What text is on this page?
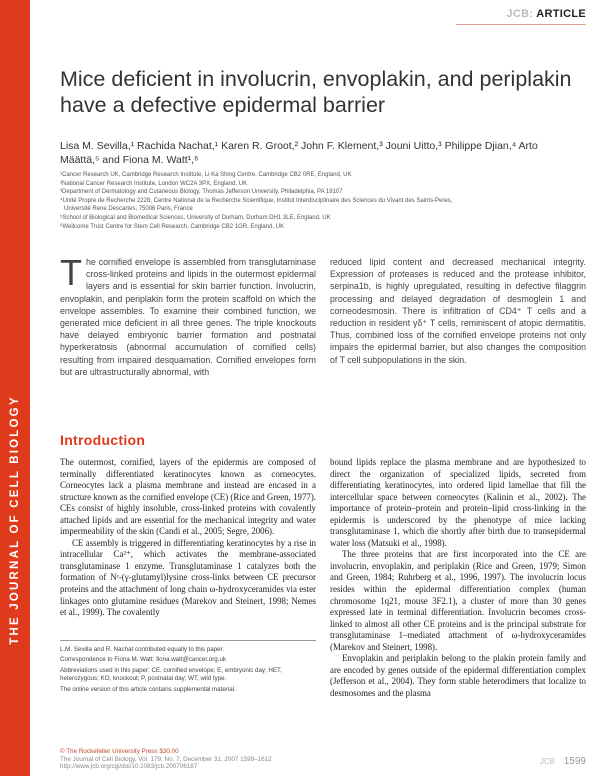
THE JOURNAL OF CELL BIOLOGY
JCB: ARTICLE
Mice deficient in involucrin, envoplakin, and periplakin have a defective epidermal barrier
Lisa M. Sevilla,¹ Rachida Nachat,¹ Karen R. Groot,² John F. Klement,³ Jouni Uitto,³ Philippe Djian,⁴ Arto Määttä,⁵ and Fiona M. Watt¹,⁶
¹Cancer Research UK, Cambridge Research Institute, Li Ka Shing Centre, Cambridge CB2 0RE, England, UK
²National Cancer Research Institute, London WC2A 3PX, England, UK
³Department of Dermatology and Cutaneous Biology, Thomas Jefferson University, Philadelphia, PA 19107
⁴Unité Propre de Recherche 2228, Centre National de la Recherche Scientifique, Institut Interdisciplinaire des Sciences du Vivant des Saints-Peres,
Université Rene Descartes, 75006 Paris, France
⁵School of Biological and Biomedical Sciences, University of Durham, Durham DH1 3LE, England, UK
⁶Wellcome Trust Centre for Stem Cell Research, Cambridge CB2 1GR, England, UK
T he cornified envelope is assembled from transglutaminase cross-linked proteins and lipids in the outermost epidermal layers and is essential for skin barrier function. Involucrin, envoplakin, and periplakin form the protein scaffold on which the envelope assembles. To examine their combined function, we generated mice deficient in all three genes. The triple knockouts have delayed embryonic barrier formation and postnatal hyperkeratosis (abnormal accumulation of cornified cells) resulting from impaired desquamation. Cornified envelopes form but are ultrastructurally abnormal, with
reduced lipid content and decreased mechanical integrity. Expression of proteases is reduced and the protease inhibitor, serpina1b, is highly upregulated, resulting in defective filaggrin processing and delayed degradation of desmoglein 1 and corneodesmosin. There is infiltration of CD4⁺ T cells and a reduction in resident γδ⁺ T cells, reminiscent of atopic dermatitis. Thus, combined loss of the cornified envelope proteins not only impairs the epidermal barrier, but also changes the composition of T cell subpopulations in the skin.
Introduction

The outermost, cornified, layers of the epidermis are composed of terminally differentiated keratinocytes known as corneocytes. Corneocytes lack a plasma membrane and instead are encased in a structure known as the cornified envelope (CE) (Rice and Green, 1977). CEs consist of highly insoluble, cross-linked proteins with covalently attached lipids and are essential for the mechanical integrity and water impermeability of the skin (Candi et al., 2005; Segre, 2006).

CE assembly is triggered in differentiating keratinocytes by a rise in intracellular Ca²⁺, which activates the membrane-associated transglutaminase 1 enzyme. Transglutaminase 1 catalyzes both the formation of Nᵋ-(γ-glutamyl)lysine cross-links between CE precursor proteins and the attachment of long chain ω-hydroxyceramides via ester linkages onto glutamine residues (Marekov and Steinert, 1998; Nemes et al., 1999). The covalently

bound lipids replace the plasma membrane and are hypothesized to direct the organization of specialized lipids, secreted from differentiating keratinocytes, into ordered lipid lamellae that fill the intercellular space between corneocytes (Kalinin et al., 2002). The importance of protein–protein and protein–lipid cross-linking in the epidermis is underscored by the phenotype of mice lacking transglutaminase 1, which die shortly after birth due to transepidermal water loss (Matsuki et al., 1998).

The three proteins that are first incorporated into the CE are involucrin, envoplakin, and periplakin (Rice and Green, 1979; Simon and Green, 1984; Ruhrberg et al., 1996, 1997). The involucrin locus resides within the epidermal differentiation complex (human chromosome 1q21, mouse 3F2.1), a cluster of more than 30 genes expressed late in terminal differentiation. Involucrin becomes cross-linked to almost all other CE proteins and is the principal substrate for transglutaminase 1–mediated attachment of ω-hydroxyceramides (Marekov and Steinert, 1998).

Envoplakin and periplakin belong to the plakin protein family and are encoded by genes outside of the epidermal differentiation complex (Jefferson et al., 2004). They form stable heterodimers that localize to desmosomes and the plasma

L.M. Sevilla and R. Nachat contributed equally to this paper.

Correspondence to Fiona M. Watt: fiona.watt@cancer.org.uk

Abbreviations used in this paper: CE, cornified envelope; E, embryonic day; HET, heterozygous; KO, knockout; P, postnatal day; WT, wild type.

The online version of this article contains supplemental material.

© The Rockefeller University Press $30.00
The Journal of Cell Biology, Vol. 179, No. 7, December 31, 2007 1599–1612
http://www.jcb.org/cgi/doi/10.1083/jcb.200706187
JCB 1599
